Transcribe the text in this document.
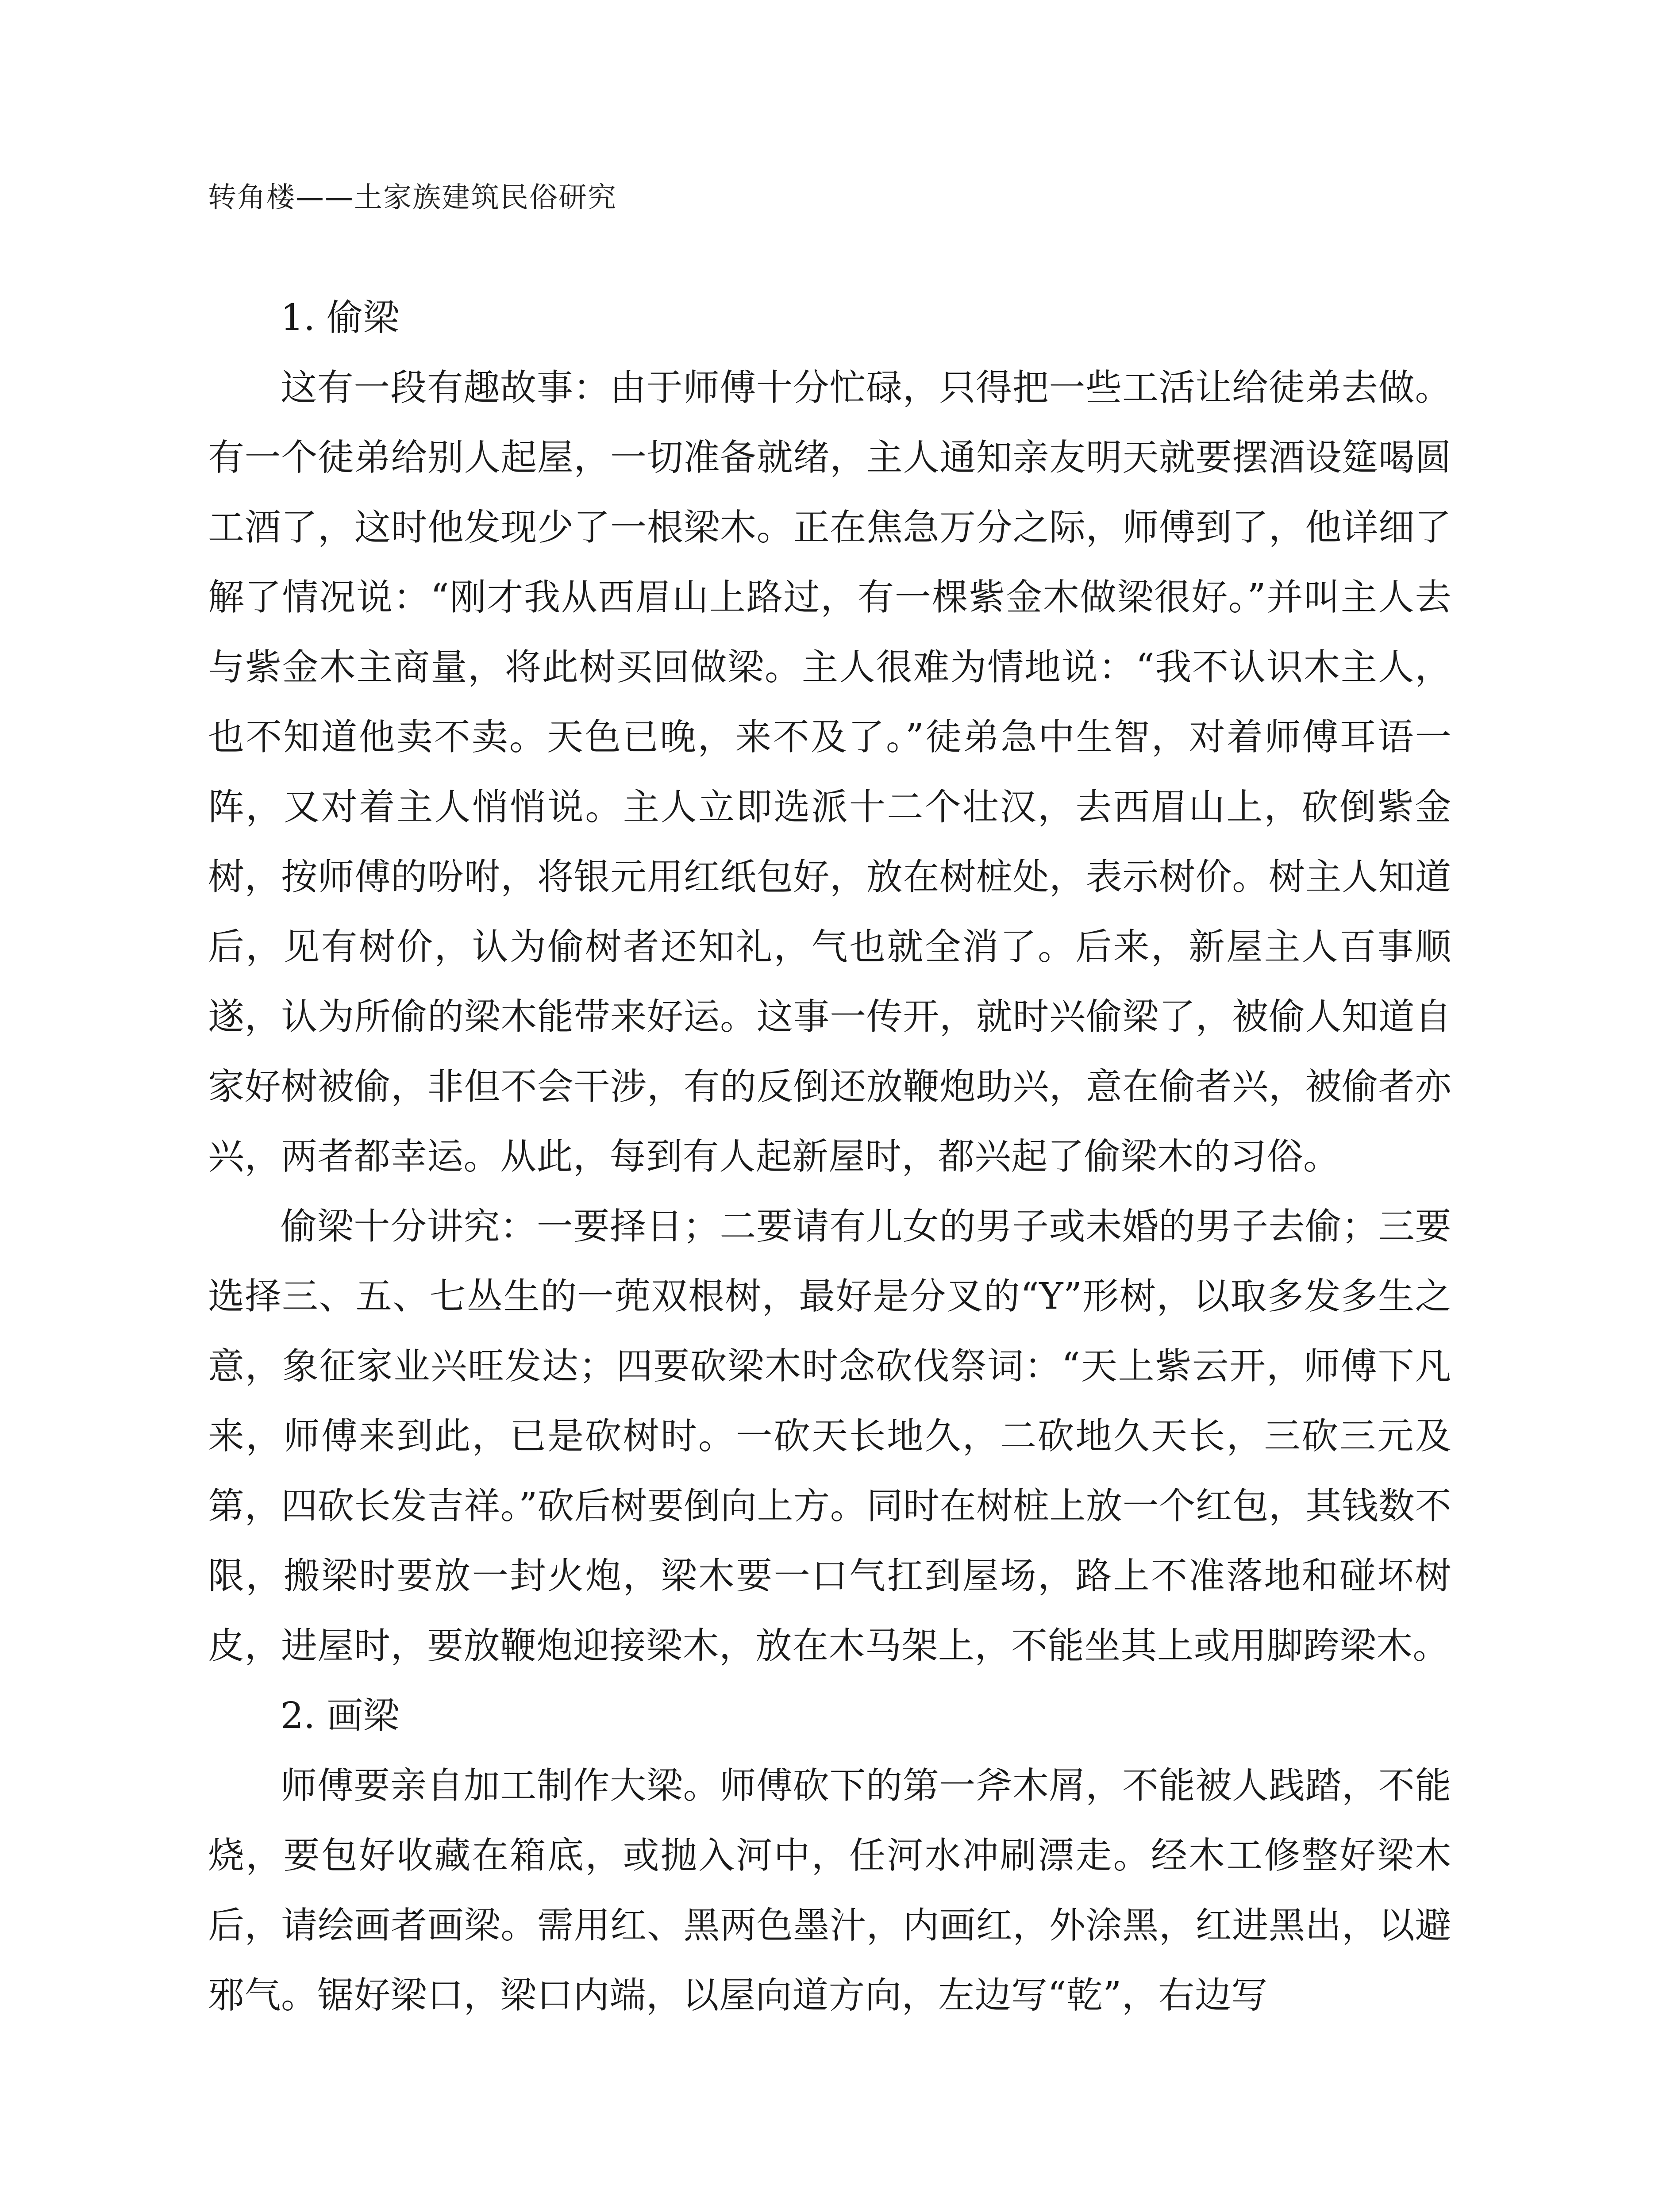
转角楼——土家族建筑民俗研究
1. 偷梁

这有一段有趣故事：由于师傅十分忙碌，只得把一些工活让给徒弟去做。有一个徒弟给别人起屋，一切准备就绪，主人通知亲友明天就要摆酒设筵喝圆工酒了，这时他发现少了一根梁木。正在焦急万分之际，师傅到了，他详细了解了情况说：“刚才我从西眉山上路过，有一棵紫金木做梁很好。”并叫主人去与紫金木主商量，将此树买回做梁。主人很难为情地说：“我不认识木主人，也不知道他卖不卖。天色已晚，来不及了。”徒弟急中生智，对着师傅耳语一阵，又对着主人悄悄说。主人立即选派十二个壮汉，去西眉山上，砍倒紫金树，按师傅的吩咐，将银元用红纸包好，放在树桩处，表示树价。树主人知道后，见有树价，认为偷树者还知礼，气也就全消了。后来，新屋主人百事顺遂，认为所偷的梁木能带来好运。这事一传开，就时兴偷梁了，被偷人知道自家好树被偷，非但不会干涉，有的反倒还放鞭炮助兴，意在偷者兴，被偷者亦兴，两者都幸运。从此，每到有人起新屋时，都兴起了偷梁木的习俗。

偷梁十分讲究：一要择日；二要请有儿女的男子或未婚的男子去偷；三要选择三、五、七丛生的一蔸双根树，最好是分叉的“Y”形树，以取多发多生之意，象征家业兴旺发达；四要砍梁木时念砍伐祭词：“天上紫云开，师傅下凡来，师傅来到此，已是砍树时。一砍天长地久，二砍地久天长，三砍三元及第，四砍长发吉祥。”砍后树要倒向上方。同时在树桩上放一个红包，其钱数不限，搬梁时要放一封火炮，梁木要一口气扛到屋场，路上不准落地和碰坏树皮，进屋时，要放鞭炮迎接梁木，放在木马架上，不能坐其上或用脚跨梁木。

2. 画梁

师傅要亲自加工制作大梁。师傅砍下的第一斧木屑，不能被人践踏，不能烧，要包好收藏在箱底，或抛入河中，任河水冲刷漂走。经木工修整好梁木后，请绘画者画梁。需用红、黑两色墨汁，内画红，外涂黑，红进黑出，以避邪气。锯好梁口，梁口内端，以屋向道方向，左边写“乾”，右边写
